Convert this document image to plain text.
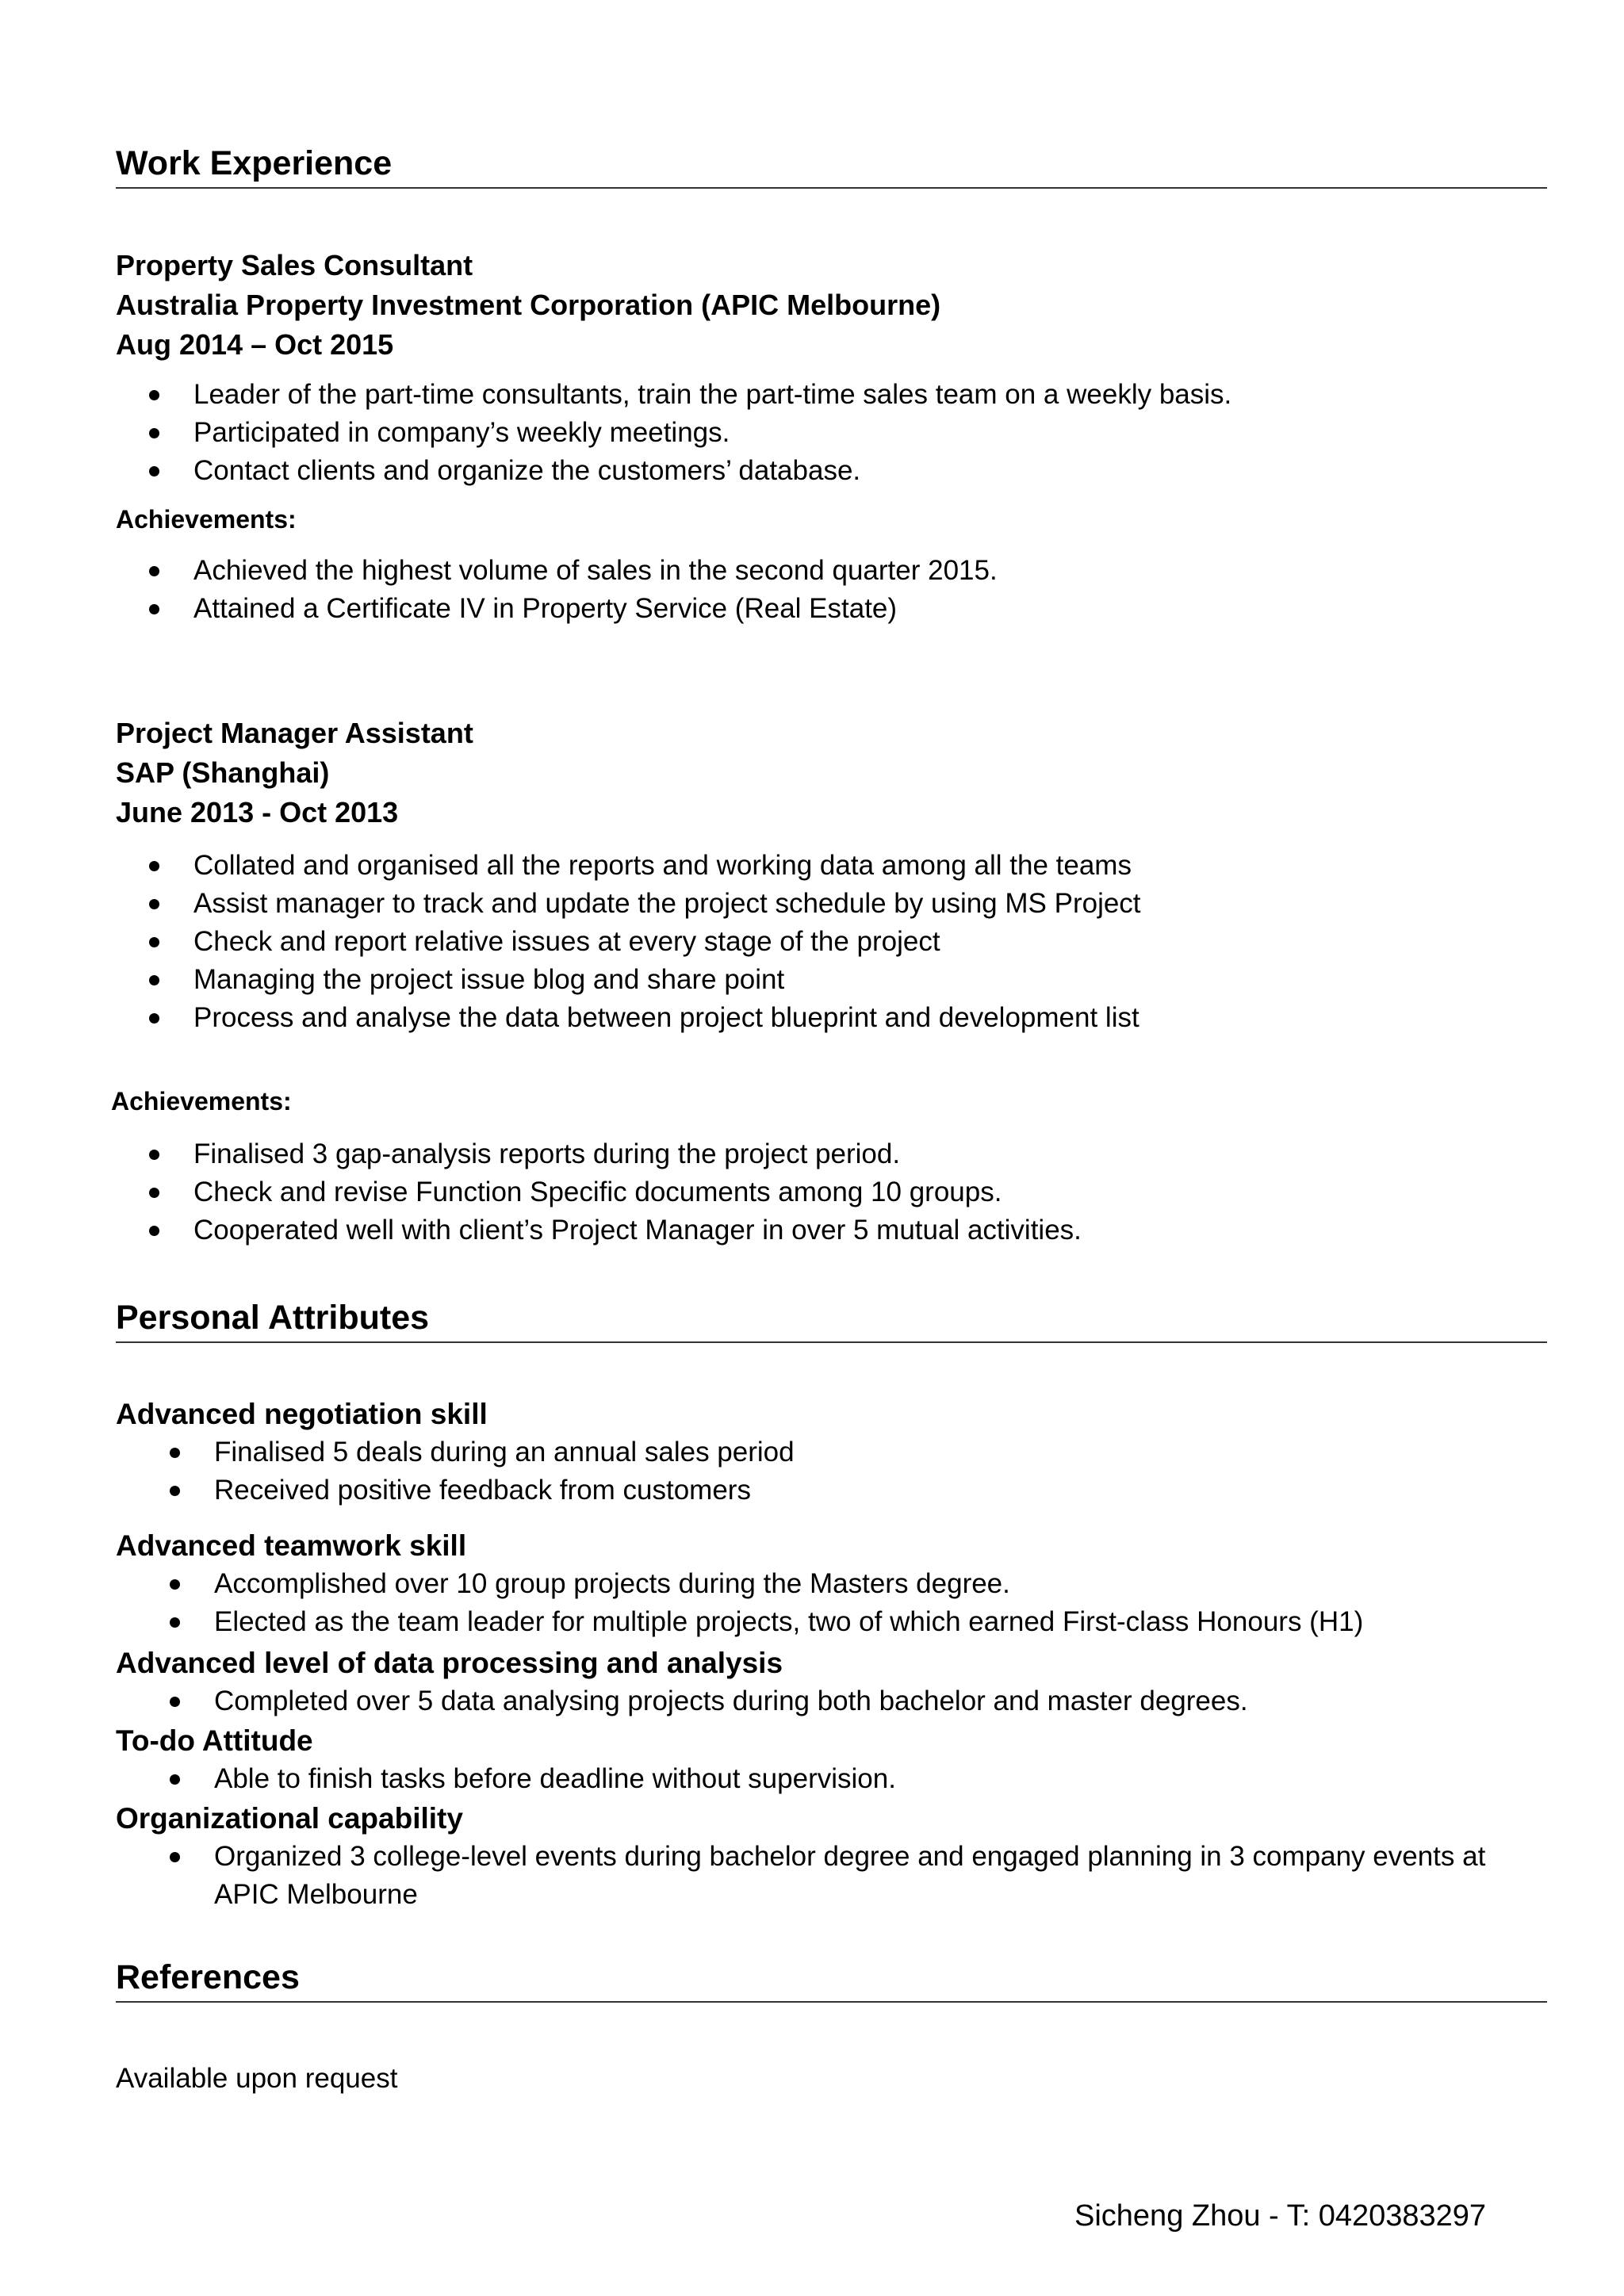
Work Experience
Property Sales Consultant
Australia Property Investment Corporation (APIC Melbourne)
Aug 2014 – Oct 2015
Leader of the part-time consultants, train the part-time sales team on a weekly basis.
Participated in company’s weekly meetings.
Contact clients and organize the customers’ database.
Achievements:
Achieved the highest volume of sales in the second quarter 2015.
Attained a Certificate IV in Property Service (Real Estate)
Project Manager Assistant
SAP (Shanghai)
June 2013 - Oct 2013
Collated and organised all the reports and working data among all the teams
Assist manager to track and update the project schedule by using MS Project
Check and report relative issues at every stage of the project
Managing the project issue blog and share point
Process and analyse the data between project blueprint and development list
Achievements:
Finalised 3 gap-analysis reports during the project period.
Check and revise Function Specific documents among 10 groups.
Cooperated well with client’s Project Manager in over 5 mutual activities.
Personal Attributes
Advanced negotiation skill
Finalised 5 deals during an annual sales period
Received positive feedback from customers
Advanced teamwork skill
Accomplished over 10 group projects during the Masters degree.
Elected as the team leader for multiple projects, two of which earned First-class Honours (H1)
Advanced level of data processing and analysis
Completed over 5 data analysing projects during both bachelor and master degrees.
To-do Attitude
Able to finish tasks before deadline without supervision.
Organizational capability
Organized 3 college-level events during bachelor degree and engaged planning in 3 company events at APIC Melbourne
References
Available upon request
Sicheng Zhou - T: 0420383297
